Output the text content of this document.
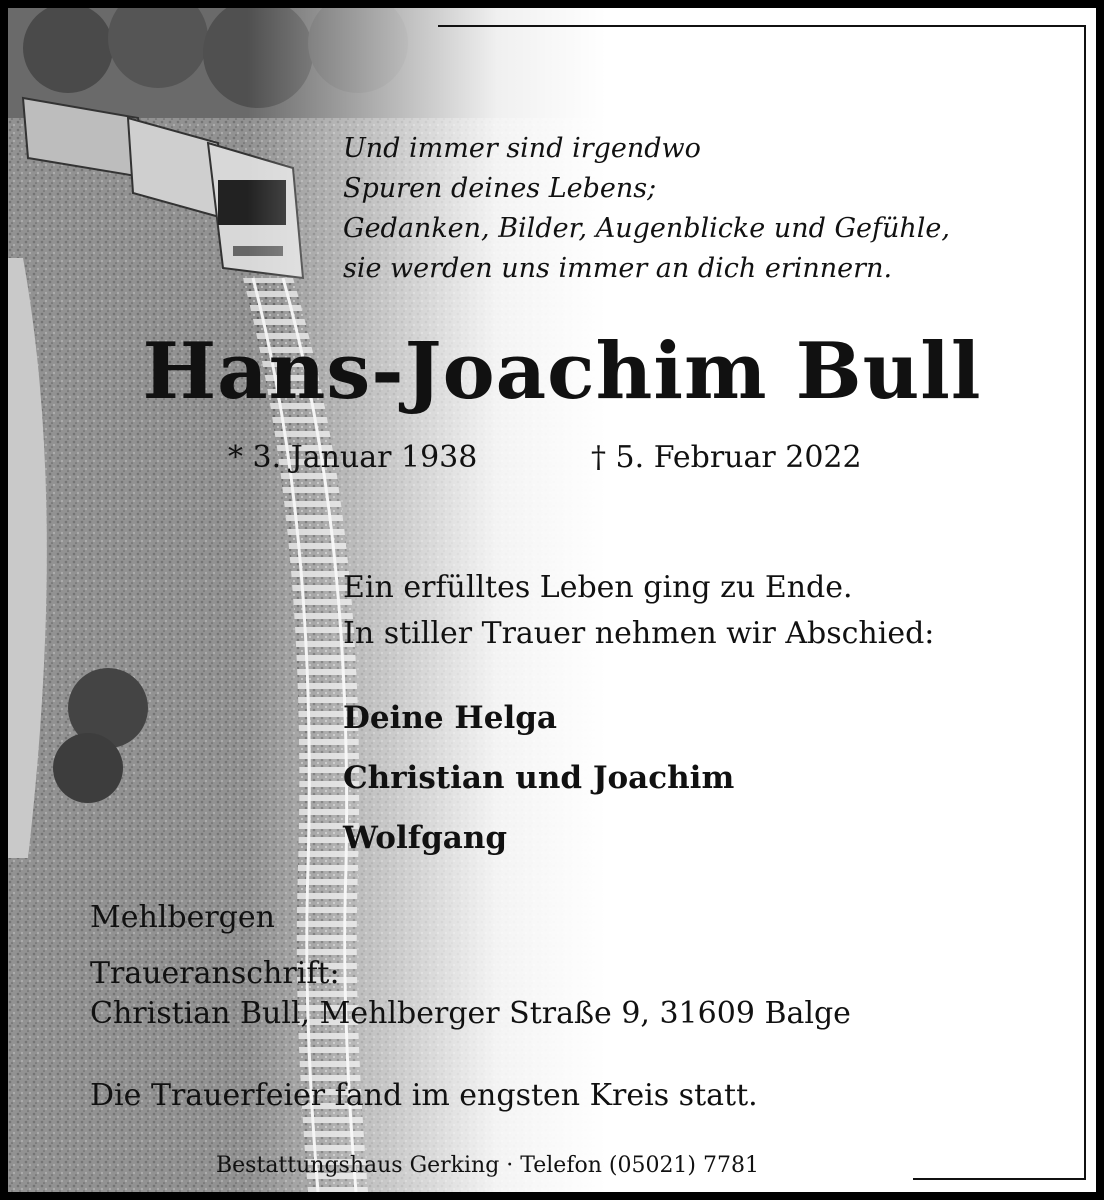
Und immer sind irgendwo
Spuren deines Lebens;
Gedanken, Bilder, Augenblicke und Gefühle,
sie werden uns immer an dich erinnern.
Hans-Joachim Bull
* 3. Januar 1938	† 5. Februar 2022
Ein erfülltes Leben ging zu Ende.
In stiller Trauer nehmen wir Abschied:
Deine Helga
Christian und Joachim
Wolfgang
Mehlbergen
Traueranschrift:
Christian Bull, Mehlberger Straße 9, 31609 Balge
Die Trauerfeier fand im engsten Kreis statt.
Bestattungshaus Gerking · Telefon (05021) 7781
